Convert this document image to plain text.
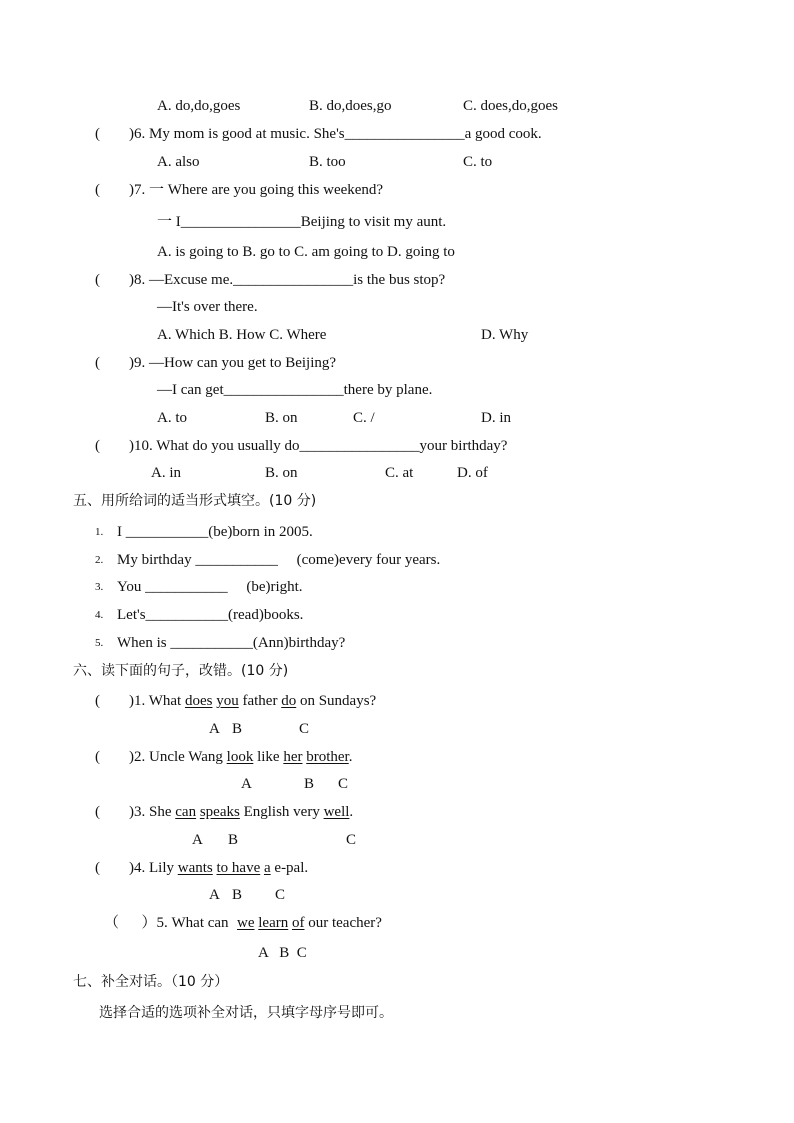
A. do,do,goes	B. do,does,go	C. does,do,goes
( )6. My mom is good at music. She's________________a good cook.
A. also	B. too	C. to
( )7. 一 Where are you going this weekend?
一 I________________Beijing to visit my aunt.
A. is going to B. go to C. am going to D. going to
( )8. —Excuse me.________________is the bus stop?
—It's over there.
A. Which B. How C. Where	D. Why
( )9. —How can you get to Beijing?
—I can get________________there by plane.
A. to	B. on	C. /	D. in
( )10. What do you usually do________________your birthday?
A. in	B. on	C. at	D. of
五、用所给词的适当形式填空。(10 分)
1. I ___________(be)born in 2005.
2. My birthday ___________     (come)every four years.
3. You ___________     (be)right.
4. Let's___________(read)books.
5. When is ___________(Ann)birthday?
六、读下面的句子，改错。(10 分)
( )1. What does you father do on Sundays?
A B	C
( )2. Uncle Wang look like her brother.
A	B C
( )3. She can speaks English very well.
A B	C
( )4. Lily wants to have a e-pal.
A B C
（      ）5. What can we learn of our teacher?
A   B  C
七、补全对话。（10 分）
选择合适的选项补全对话，只填字母序号即可。
